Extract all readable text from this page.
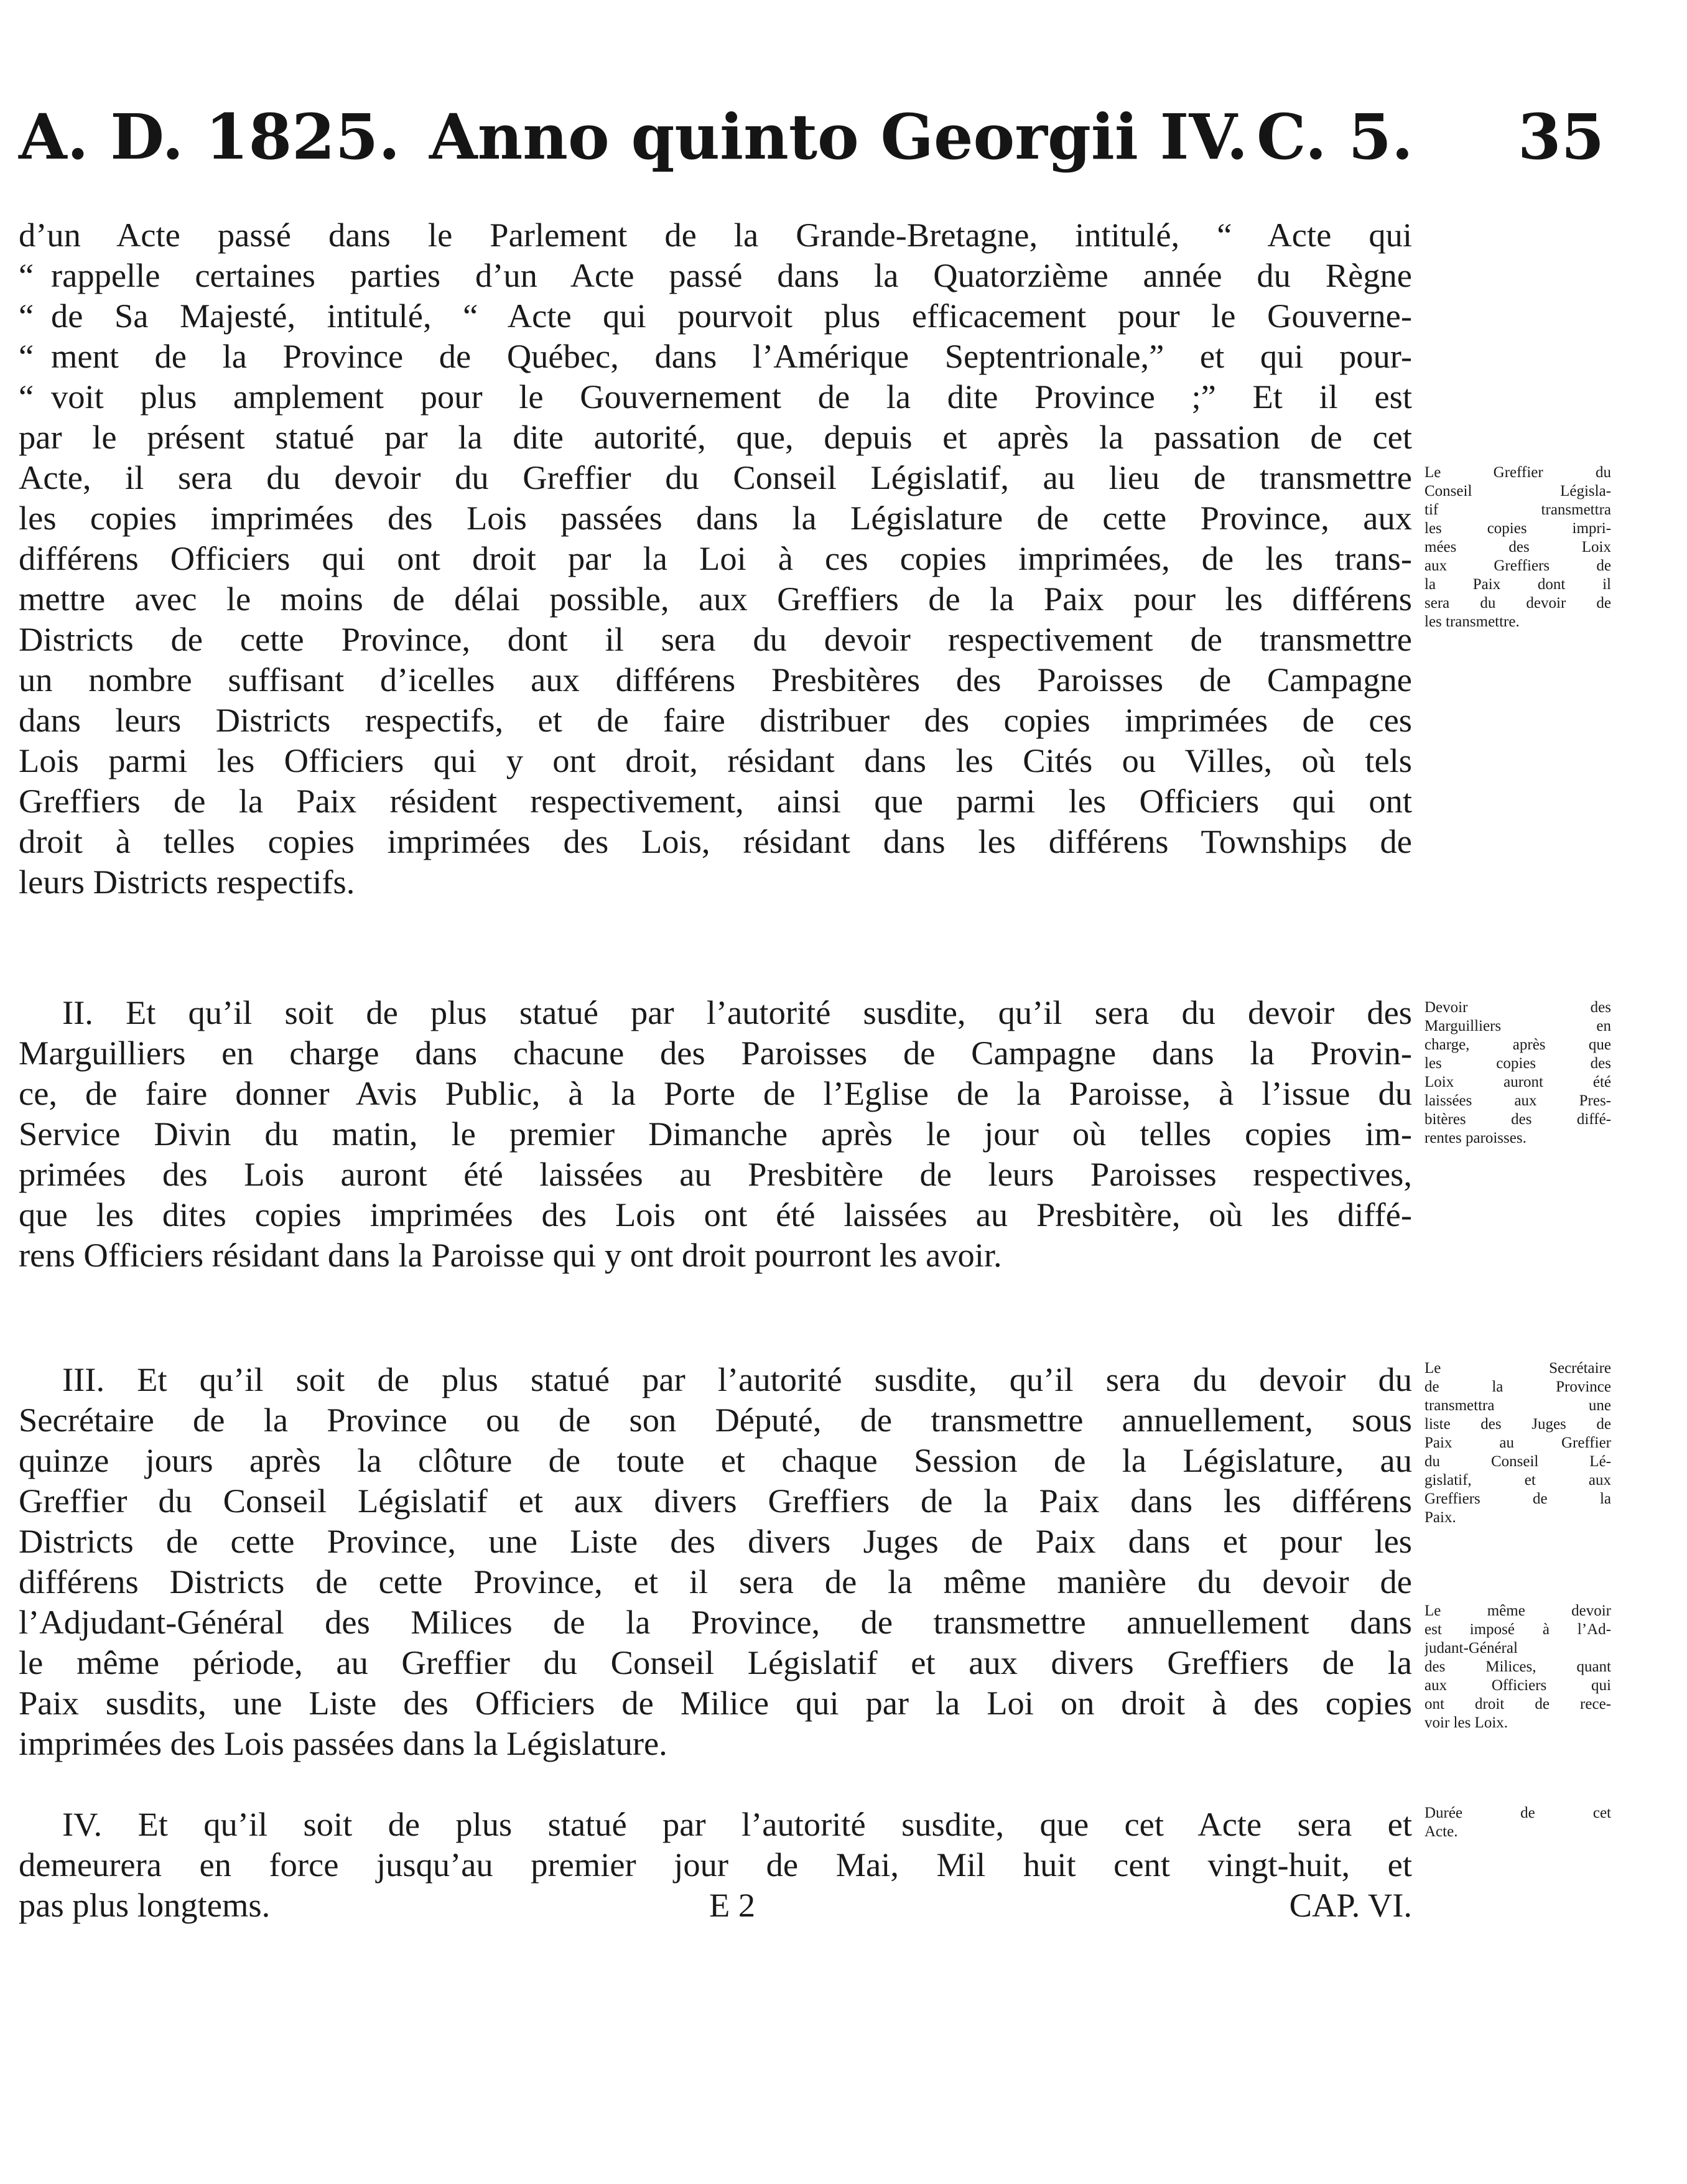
A. D. 1825. Anno quinto Georgii IV. C. 5. 35
d’un Acte passé dans le Parlement de la Grande-Bretagne, intitulé, “ Acte qui
“ rappelle certaines parties d’un Acte passé dans la Quatorzième année du Règne
“ de Sa Majesté, intitulé, “ Acte qui pourvoit plus efficacement pour le Gouverne-
“ ment de la Province de Québec, dans l’Amérique Septentrionale,” et qui pour-
“ voit plus amplement pour le Gouvernement de la dite Province ;” Et il est
par le présent statué par la dite autorité, que, depuis et après la passation de cet
Acte, il sera du devoir du Greffier du Conseil Législatif, au lieu de transmettre
les copies imprimées des Lois passées dans la Législature de cette Province, aux
différens Officiers qui ont droit par la Loi à ces copies imprimées, de les trans-
mettre avec le moins de délai possible, aux Greffiers de la Paix pour les différens
Districts de cette Province, dont il sera du devoir respectivement de transmettre
un nombre suffisant d’icelles aux différens Presbitères des Paroisses de Campagne
dans leurs Districts respectifs, et de faire distribuer des copies imprimées de ces
Lois parmi les Officiers qui y ont droit, résidant dans les Cités ou Villes, où tels
Greffiers de la Paix résident respectivement, ainsi que parmi les Officiers qui ont
droit à telles copies imprimées des Lois, résidant dans les différens Townships de
leurs Districts respectifs.
II. Et qu’il soit de plus statué par l’autorité susdite, qu’il sera du devoir des
Marguilliers en charge dans chacune des Paroisses de Campagne dans la Provin-
ce, de faire donner Avis Public, à la Porte de l’Eglise de la Paroisse, à l’issue du
Service Divin du matin, le premier Dimanche après le jour où telles copies im-
primées des Lois auront été laissées au Presbitère de leurs Paroisses respectives,
que les dites copies imprimées des Lois ont été laissées au Presbitère, où les diffé-
rens Officiers résidant dans la Paroisse qui y ont droit pourront les avoir.
III. Et qu’il soit de plus statué par l’autorité susdite, qu’il sera du devoir du
Secrétaire de la Province ou de son Député, de transmettre annuellement, sous
quinze jours après la clôture de toute et chaque Session de la Législature, au
Greffier du Conseil Législatif et aux divers Greffiers de la Paix dans les différens
Districts de cette Province, une Liste des divers Juges de Paix dans et pour les
différens Districts de cette Province, et il sera de la même manière du devoir de
l’Adjudant-Général des Milices de la Province, de transmettre annuellement dans
le même période, au Greffier du Conseil Législatif et aux divers Greffiers de la
Paix susdits, une Liste des Officiers de Milice qui par la Loi on droit à des copies
imprimées des Lois passées dans la Législature.
IV. Et qu’il soit de plus statué par l’autorité susdite, que cet Acte sera et
demeurera en force jusqu’au premier jour de Mai, Mil huit cent vingt-huit, et
pas plus longtems.	E 2	CAP. VI.
Le Greffier du
Conseil Législa-
tif transmettra
les copies impri-
mées des Loix
aux Greffiers de
la Paix dont il
sera du devoir de
les transmettre.
Devoir des
Marguilliers en
charge, après que
les copies des
Loix auront été
laissées aux Pres-
bitères des diffé-
rentes paroisses.
Le Secrétaire
de la Province
transmettra une
liste des Juges de
Paix au Greffier
du Conseil Lé-
gislatif, et aux
Greffiers de la
Paix.
Le même devoir
est imposé à l’Ad-
judant-Général
des Milices, quant
aux Officiers qui
ont droit de rece-
voir les Loix.
Durée de cet
Acte.
